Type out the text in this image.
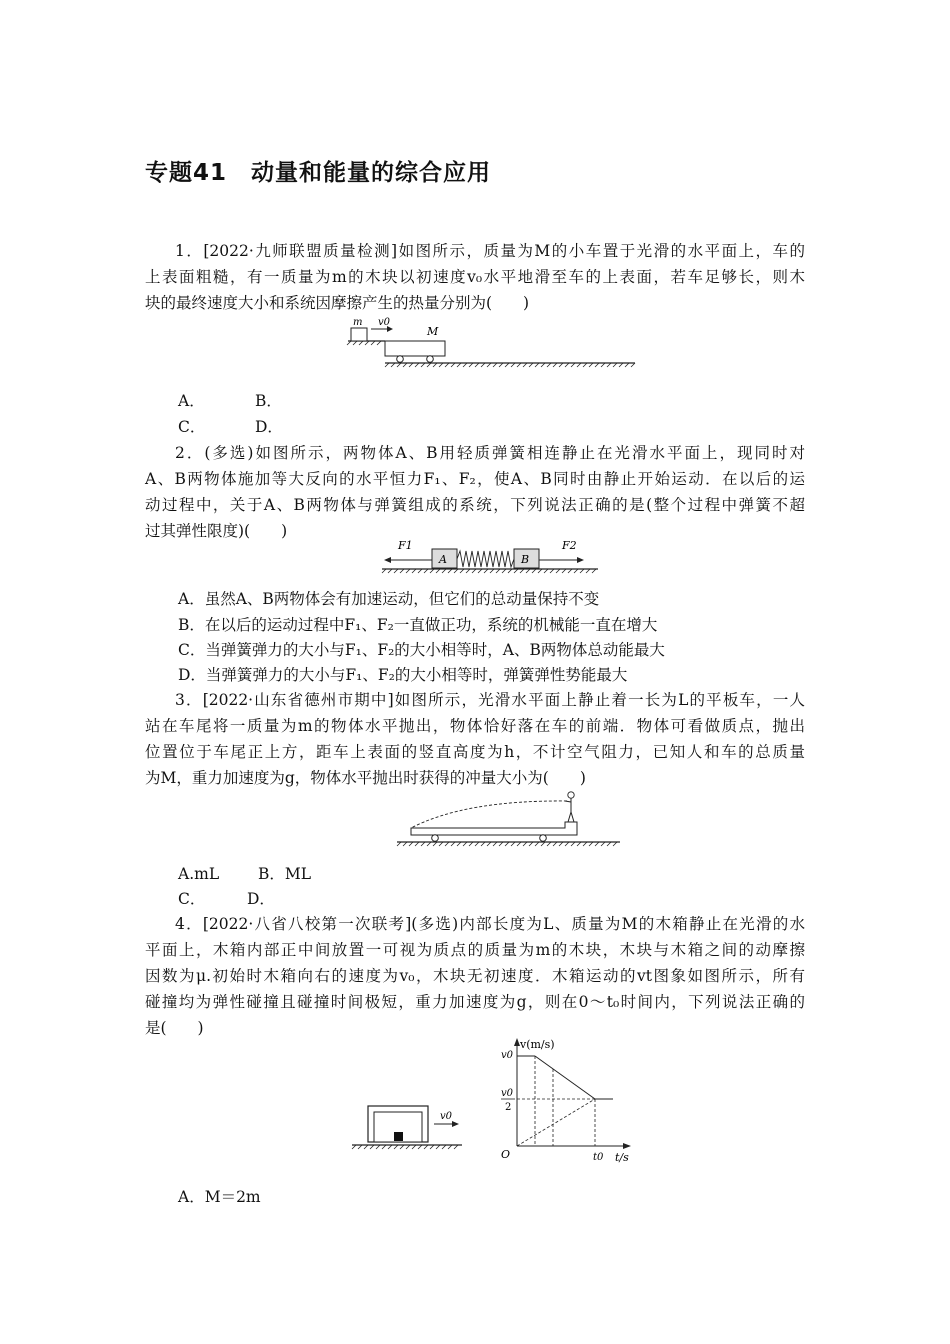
专题41　动量和能量的综合应用
1．[2022·九师联盟质量检测]如图所示，质量为M的小车置于光滑的水平面上，车的
上表面粗糙，有一质量为m的木块以初速度v₀水平地滑至车的上表面，若车足够长，则木
块的最终速度大小和系统因摩擦产生的热量分别为(　　)
m v0
M
A．	B．
C．	D．
2．(多选)如图所示，两物体A、B用轻质弹簧相连静止在光滑水平面上，现同时对
A、B两物体施加等大反向的水平恒力F₁、F₂，使A、B同时由静止开始运动．在以后的运
动过程中，关于A、B两物体与弹簧组成的系统，下列说法正确的是(整个过程中弹簧不超
过其弹性限度)(　　)
F1	F2
A	B
A．虽然A、B两物体会有加速运动，但它们的总动量保持不变
B．在以后的运动过程中F₁、F₂一直做正功，系统的机械能一直在增大
C．当弹簧弹力的大小与F₁、F₂的大小相等时，A、B两物体总动能最大
D．当弹簧弹力的大小与F₁、F₂的大小相等时，弹簧弹性势能最大
3．[2022·山东省德州市期中]如图所示，光滑水平面上静止着一长为L的平板车，一人
站在车尾将一质量为m的物体水平抛出，物体恰好落在车的前端．物体可看做质点，抛出
位置位于车尾正上方，距车上表面的竖直高度为h，不计空气阻力，已知人和车的总质量
为M，重力加速度为g，物体水平抛出时获得的冲量大小为(　　)
A.mL	B．ML
C．	D．
4．[2022·八省八校第一次联考](多选)内部长度为L、质量为M的木箱静止在光滑的水
平面上，木箱内部正中间放置一可视为质点的质量为m的木块，木块与木箱之间的动摩擦
因数为μ.初始时木箱向右的速度为v₀，木块无初速度．木箱运动的vt图象如图所示，所有
碰撞均为弹性碰撞且碰撞时间极短，重力加速度为g，则在0～t₀时间内，下列说法正确的
是(　　)
v0
v(m/s)
t/s
O
v0
v0
2
t0
A．M＝2m
